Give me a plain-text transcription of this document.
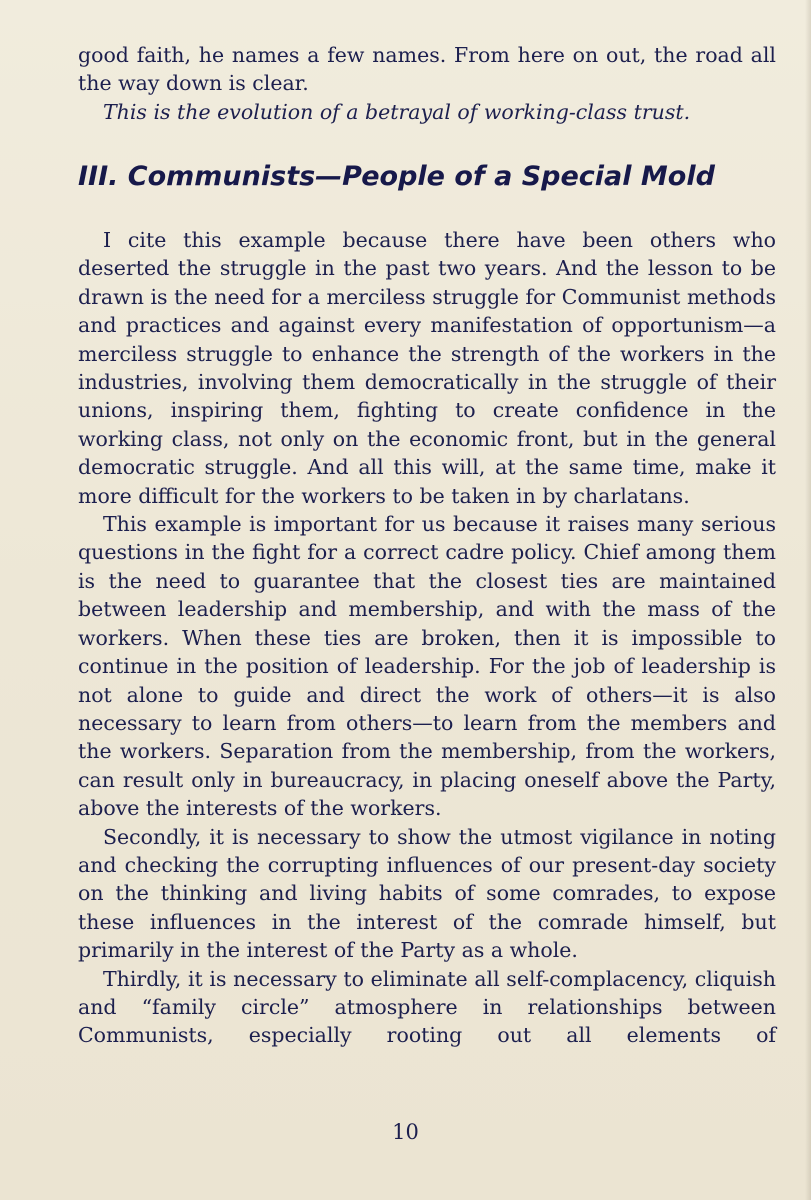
good faith, he names a few names. From here on out, the road all the way down is clear.

This is the evolution of a betrayal of working-class trust.

III. Communists—People of a Special Mold

I cite this example because there have been others who deserted the struggle in the past two years. And the lesson to be drawn is the need for a merciless struggle for Communist methods and practices and against every manifestation of opportunism—a merciless struggle to enhance the strength of the workers in the industries, involving them democratically in the struggle of their unions, inspiring them, fighting to create confidence in the working class, not only on the economic front, but in the general democratic struggle. And all this will, at the same time, make it more difficult for the workers to be taken in by charlatans.

This example is important for us because it raises many serious questions in the fight for a correct cadre policy. Chief among them is the need to guarantee that the closest ties are maintained between leadership and membership, and with the mass of the workers. When these ties are broken, then it is impossible to continue in the position of leadership. For the job of leadership is not alone to guide and direct the work of others—it is also necessary to learn from others—to learn from the members and the workers. Separation from the membership, from the workers, can result only in bureaucracy, in placing oneself above the Party, above the interests of the workers.

Secondly, it is necessary to show the utmost vigilance in noting and checking the corrupting influences of our present-day society on the thinking and living habits of some comrades, to expose these influences in the interest of the comrade himself, but primarily in the interest of the Party as a whole.

Thirdly, it is necessary to eliminate all self-complacency, cliquish and “family circle” atmosphere in relationships between Communists, especially rooting out all elements of

10
